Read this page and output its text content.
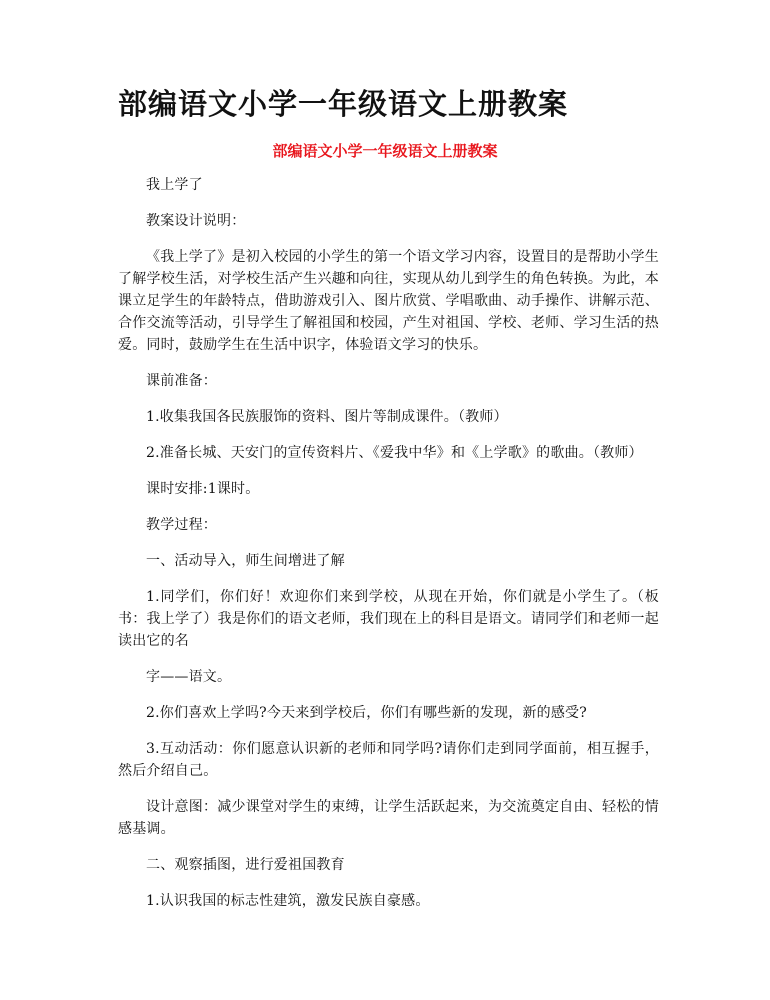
部编语文小学一年级语文上册教案
部编语文小学一年级语文上册教案

我上学了

教案设计说明：

《我上学了》是初入校园的小学生的第一个语文学习内容，设置目的是帮助小学生了解学校生活，对学校生活产生兴趣和向往，实现从幼儿到学生的角色转换。为此，本课立足学生的年龄特点，借助游戏引入、图片欣赏、学唱歌曲、动手操作、讲解示范、合作交流等活动，引导学生了解祖国和校园，产生对祖国、学校、老师、学习生活的热爱。同时，鼓励学生在生活中识字，体验语文学习的快乐。

课前准备：

1.收集我国各民族服饰的资料、图片等制成课件。（教师）

2.准备长城、天安门的宣传资料片、《爱我中华》和《上学歌》的歌曲。（教师）

课时安排:1课时。

教学过程：

一、活动导入，师生间增进了解

1.同学们，你们好！欢迎你们来到学校，从现在开始，你们就是小学生了。（板书：我上学了）我是你们的语文老师，我们现在上的科目是语文。请同学们和老师一起读出它的名

字——语文。

2.你们喜欢上学吗?今天来到学校后，你们有哪些新的发现，新的感受?

3.互动活动：你们愿意认识新的老师和同学吗?请你们走到同学面前，相互握手，然后介绍自己。

设计意图：减少课堂对学生的束缚，让学生活跃起来，为交流奠定自由、轻松的情感基调。

二、观察插图，进行爱祖国教育

1.认识我国的标志性建筑，激发民族自豪感。
